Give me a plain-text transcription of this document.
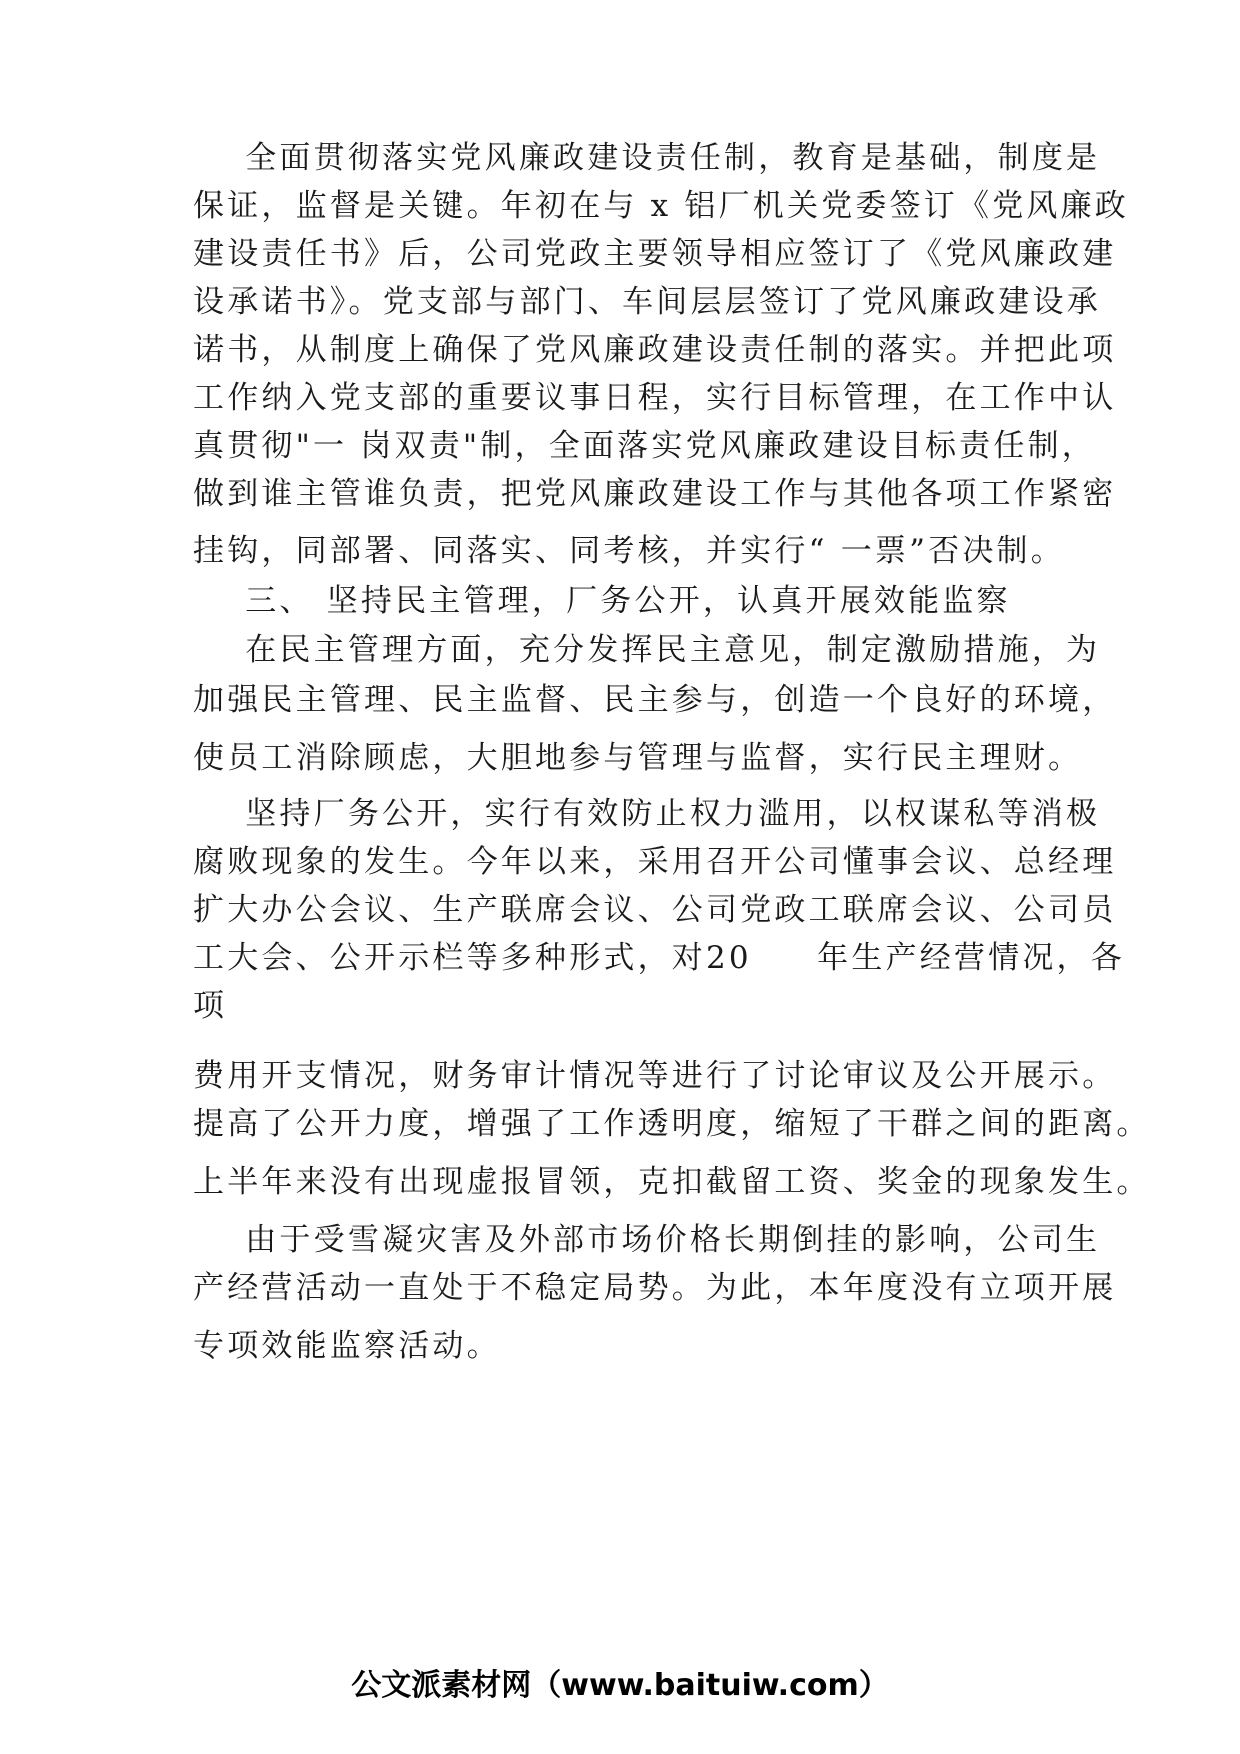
全面贯彻落实党风廉政建设责任制，教育是基础，制度是
保证，监督是关键。年初在与 x 铝厂机关党委签订《党风廉政
建设责任书》后，公司党政主要领导相应签订了《党风廉政建
设承诺书》。党支部与部门、车间层层签订了党风廉政建设承
诺书，从制度上确保了党风廉政建设责任制的落实。并把此项
工作纳入党支部的重要议事日程，实行目标管理，在工作中认
真贯彻"一 岗双责"制，全面落实党风廉政建设目标责任制，
做到谁主管谁负责，把党风廉政建设工作与其他各项工作紧密
挂钩，同部署、同落实、同考核，并实行“ 一票”否决制。
三、 坚持民主管理，厂务公开，认真开展效能监察
在民主管理方面，充分发挥民主意见，制定激励措施，为
加强民主管理、民主监督、民主参与，创造一个良好的环境，
使员工消除顾虑，大胆地参与管理与监督，实行民主理财。
坚持厂务公开，实行有效防止权力滥用，以权谋私等消极
腐败现象的发生。今年以来，采用召开公司懂事会议、总经理
扩大办公会议、生产联席会议、公司党政工联席会议、公司员
工大会、公开示栏等多种形式，对20     年生产经营情况，各
项
费用开支情况，财务审计情况等进行了讨论审议及公开展示。
提高了公开力度，增强了工作透明度，缩短了干群之间的距离。
上半年来没有出现虚报冒领，克扣截留工资、奖金的现象发生。
由于受雪凝灾害及外部市场价格长期倒挂的影响，公司生
产经营活动一直处于不稳定局势。为此，本年度没有立项开展
专项效能监察活动。
公文派素材网（www.baituiw.com）
